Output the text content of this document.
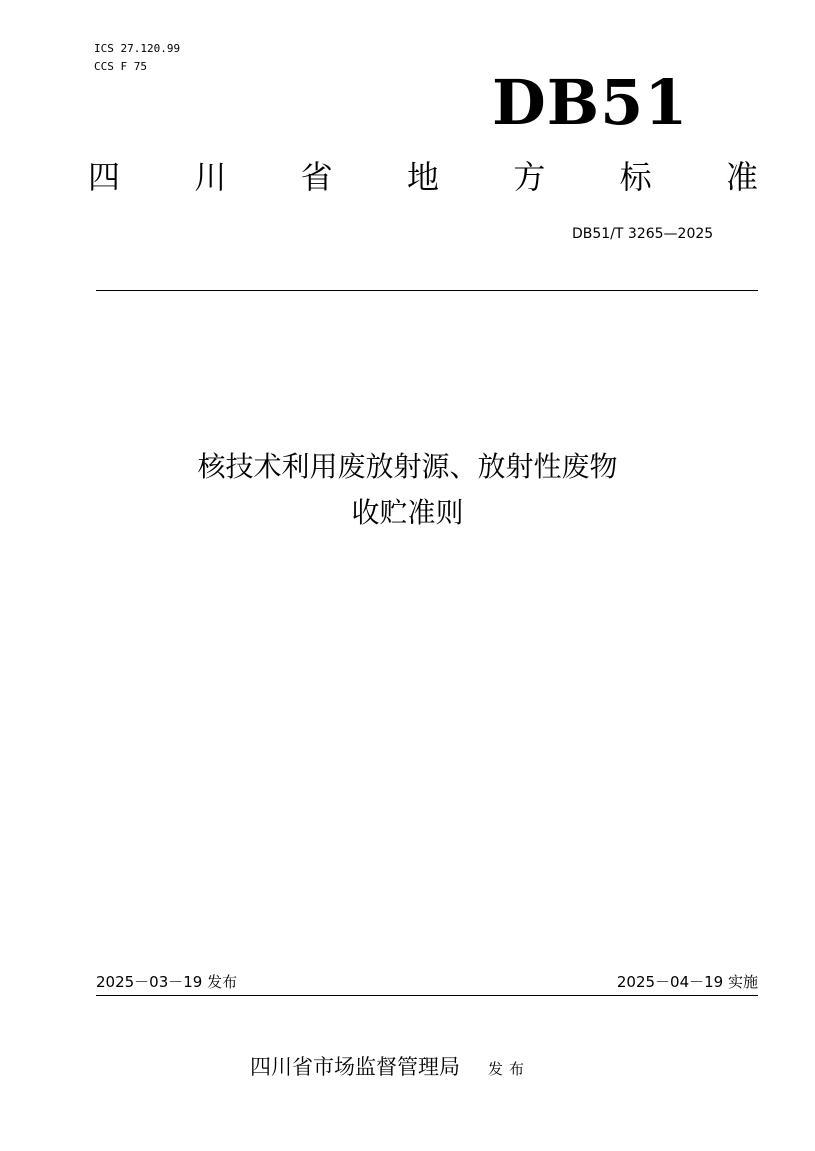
ICS 27.120.99
CCS F 75	DB51
四 川 省 地 方 标 准
DB51/T 3265—2025
核技术利用废放射源、放射性废物
收贮准则
2025－03－19 发布	2025－04－19 实施
四川省市场监督管理局 发布
